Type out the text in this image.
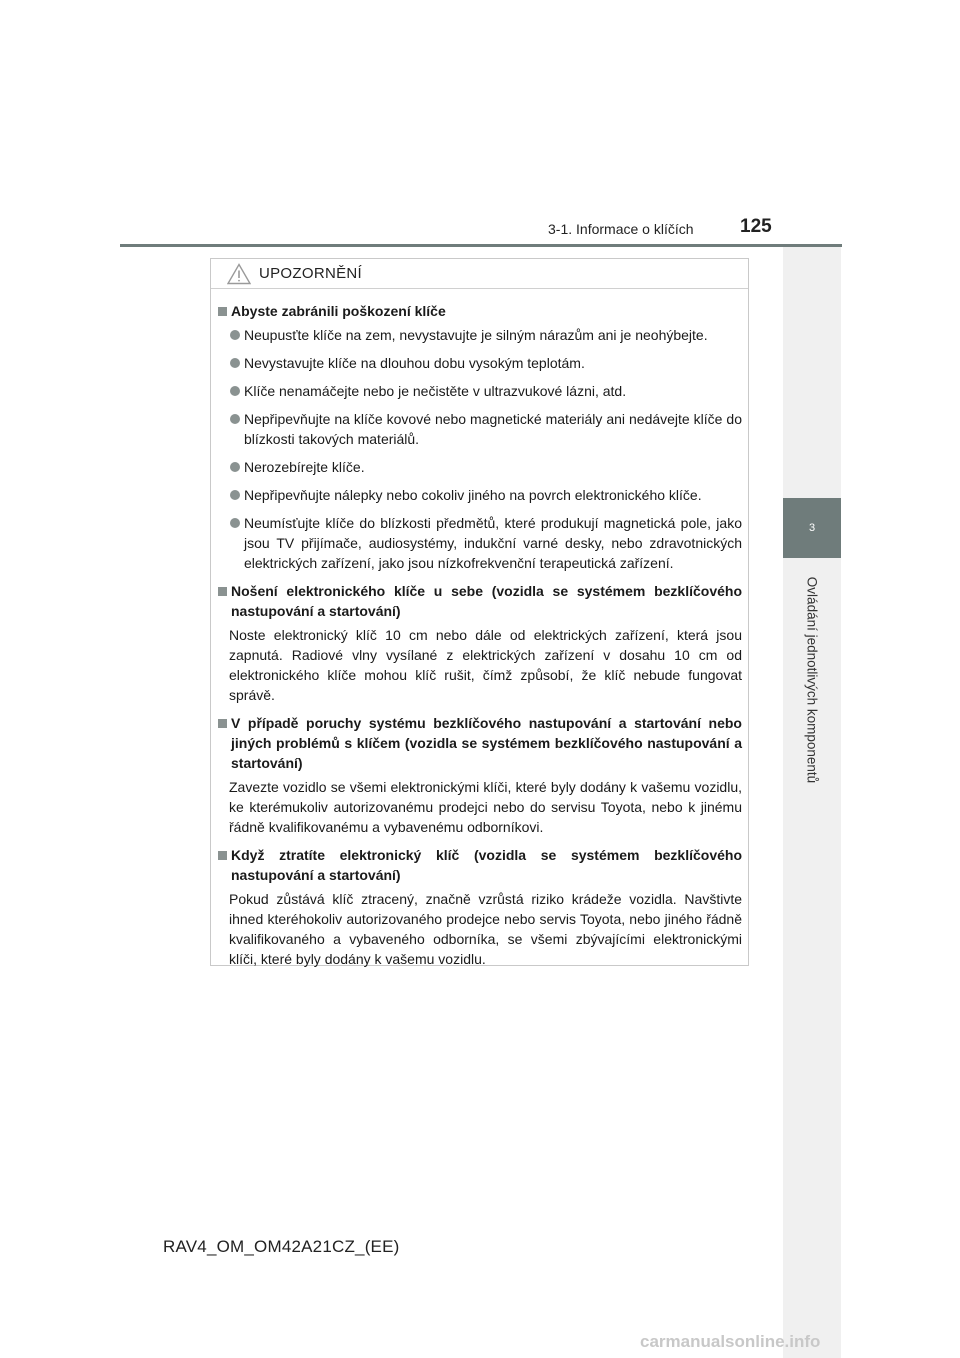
3-1. Informace o klíčích 125
3
Ovládání jednotlivých komponentů
UPOZORNĚNÍ
Abyste zabránili poškození klíče
Neupusťte klíče na zem, nevystavujte je silným nárazům ani je neohýbejte.
Nevystavujte klíče na dlouhou dobu vysokým teplotám.
Klíče nenamáčejte nebo je nečistěte v ultrazvukové lázni, atd.
Nepřipevňujte na klíče kovové nebo magnetické materiály ani nedávejte klíče do blízkosti takových materiálů.
Nerozebírejte klíče.
Nepřipevňujte nálepky nebo cokoliv jiného na povrch elektronického klíče.
Neumísťujte klíče do blízkosti předmětů, které produkují magnetická pole, jako jsou TV přijímače, audiosystémy, indukční varné desky, nebo zdravotnických elektrických zařízení, jako jsou nízkofrekvenční terapeutická zařízení.
Nošení elektronického klíče u sebe (vozidla se systémem bezklíčového nastupování a startování)
Noste elektronický klíč 10 cm nebo dále od elektrických zařízení, která jsou zapnutá. Radiové vlny vysílané z elektrických zařízení v dosahu 10 cm od elektronického klíče mohou klíč rušit, čímž způsobí, že klíč nebude fungovat správě.
V případě poruchy systému bezklíčového nastupování a startování nebo jiných problémů s klíčem (vozidla se systémem bezklíčového nastupování a startování)
Zavezte vozidlo se všemi elektronickými klíči, které byly dodány k vašemu vozidlu, ke kterémukoliv autorizovanému prodejci nebo do servisu Toyota, nebo k jinému řádně kvalifikovanému a vybavenému odborníkovi.
Když ztratíte elektronický klíč (vozidla se systémem bezklíčového nastupování a startování)
Pokud zůstává klíč ztracený, značně vzrůstá riziko krádeže vozidla. Navštivte ihned kteréhokoliv autorizovaného prodejce nebo servis Toyota, nebo jiného řádně kvalifikovaného a vybaveného odborníka, se všemi zbývajícími elektronickými klíči, které byly dodány k vašemu vozidlu.
RAV4_OM_OM42A21CZ_(EE)
carmanualsonline.info
